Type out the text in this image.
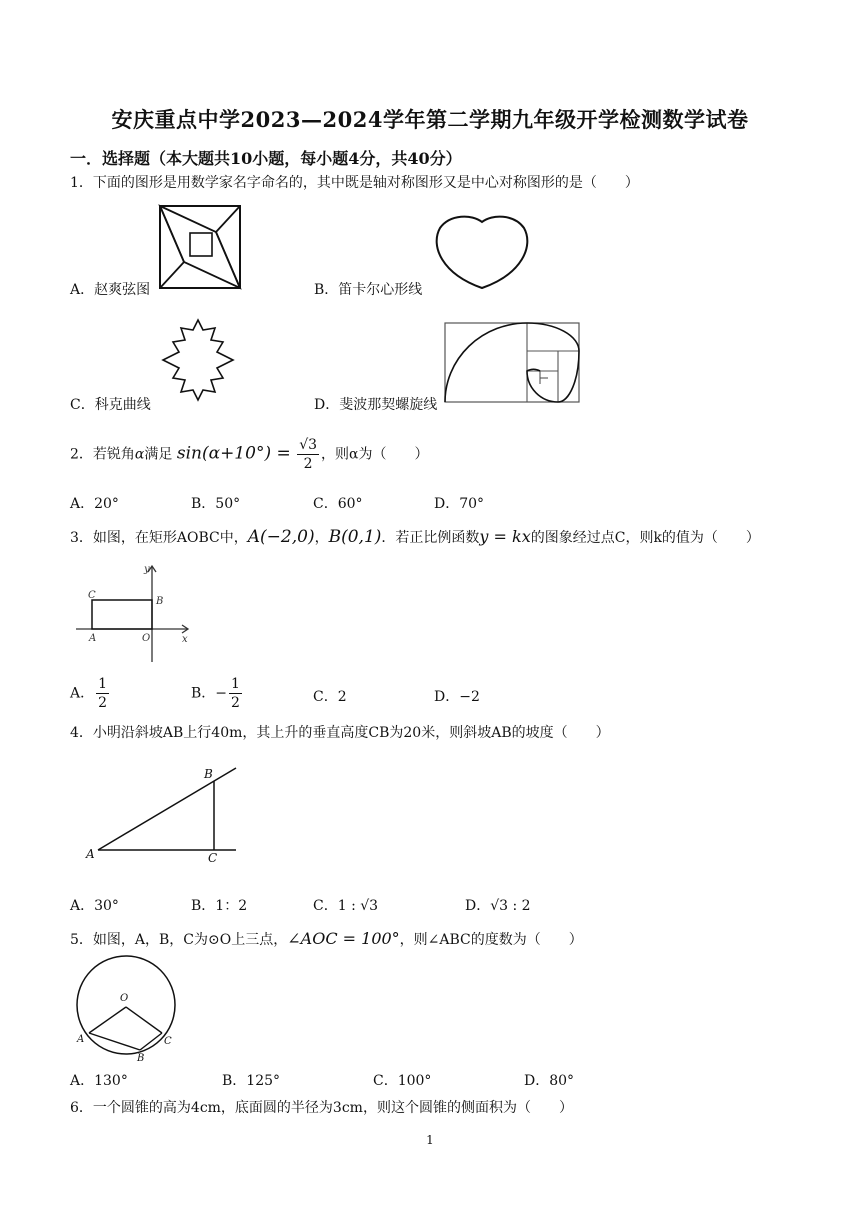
安庆重点中学2023—2024学年第二学期九年级开学检测数学试卷
一．选择题（本大题共10小题，每小题4分，共40分）
1．下面的图形是用数学家名字命名的，其中既是轴对称图形又是中心对称图形的是（　　）
A．赵爽弦图	B．笛卡尔心形线
C．科克曲线	D．斐波那契螺旋线
2．若锐角α满足 $\sin(\alpha+10^\circ) = \frac{√3}{2}$ ，则α为（　　）
A．20°	B．50°	C．60°	D．70°
3．如图，在矩形AOBC中，A(−2,0)，B(0,1)．若正比例函数y = kx的图象经过点C，则k的值为（　　）
y
C
B
A	O	x
A． $\frac{1}{2}$	B．− $\frac{1}{2}$	C．2	D．−2
4．小明沿斜坡AB上行40m，其上升的垂直高度CB为20米，则斜坡AB的坡度（　　）
B
A	C
A．30°	B．1：2	C．1 : √3	D．√3 : 2
5．如图，A，B，C为⊙O上三点，∠AOC = 100°，则∠ABC的度数为（　　）
O
A	C
B
A．130°	B．125°	C．100°	D．80°
6．一个圆锥的高为4cm，底面圆的半径为3cm，则这个圆锥的侧面积为（　　）
1
